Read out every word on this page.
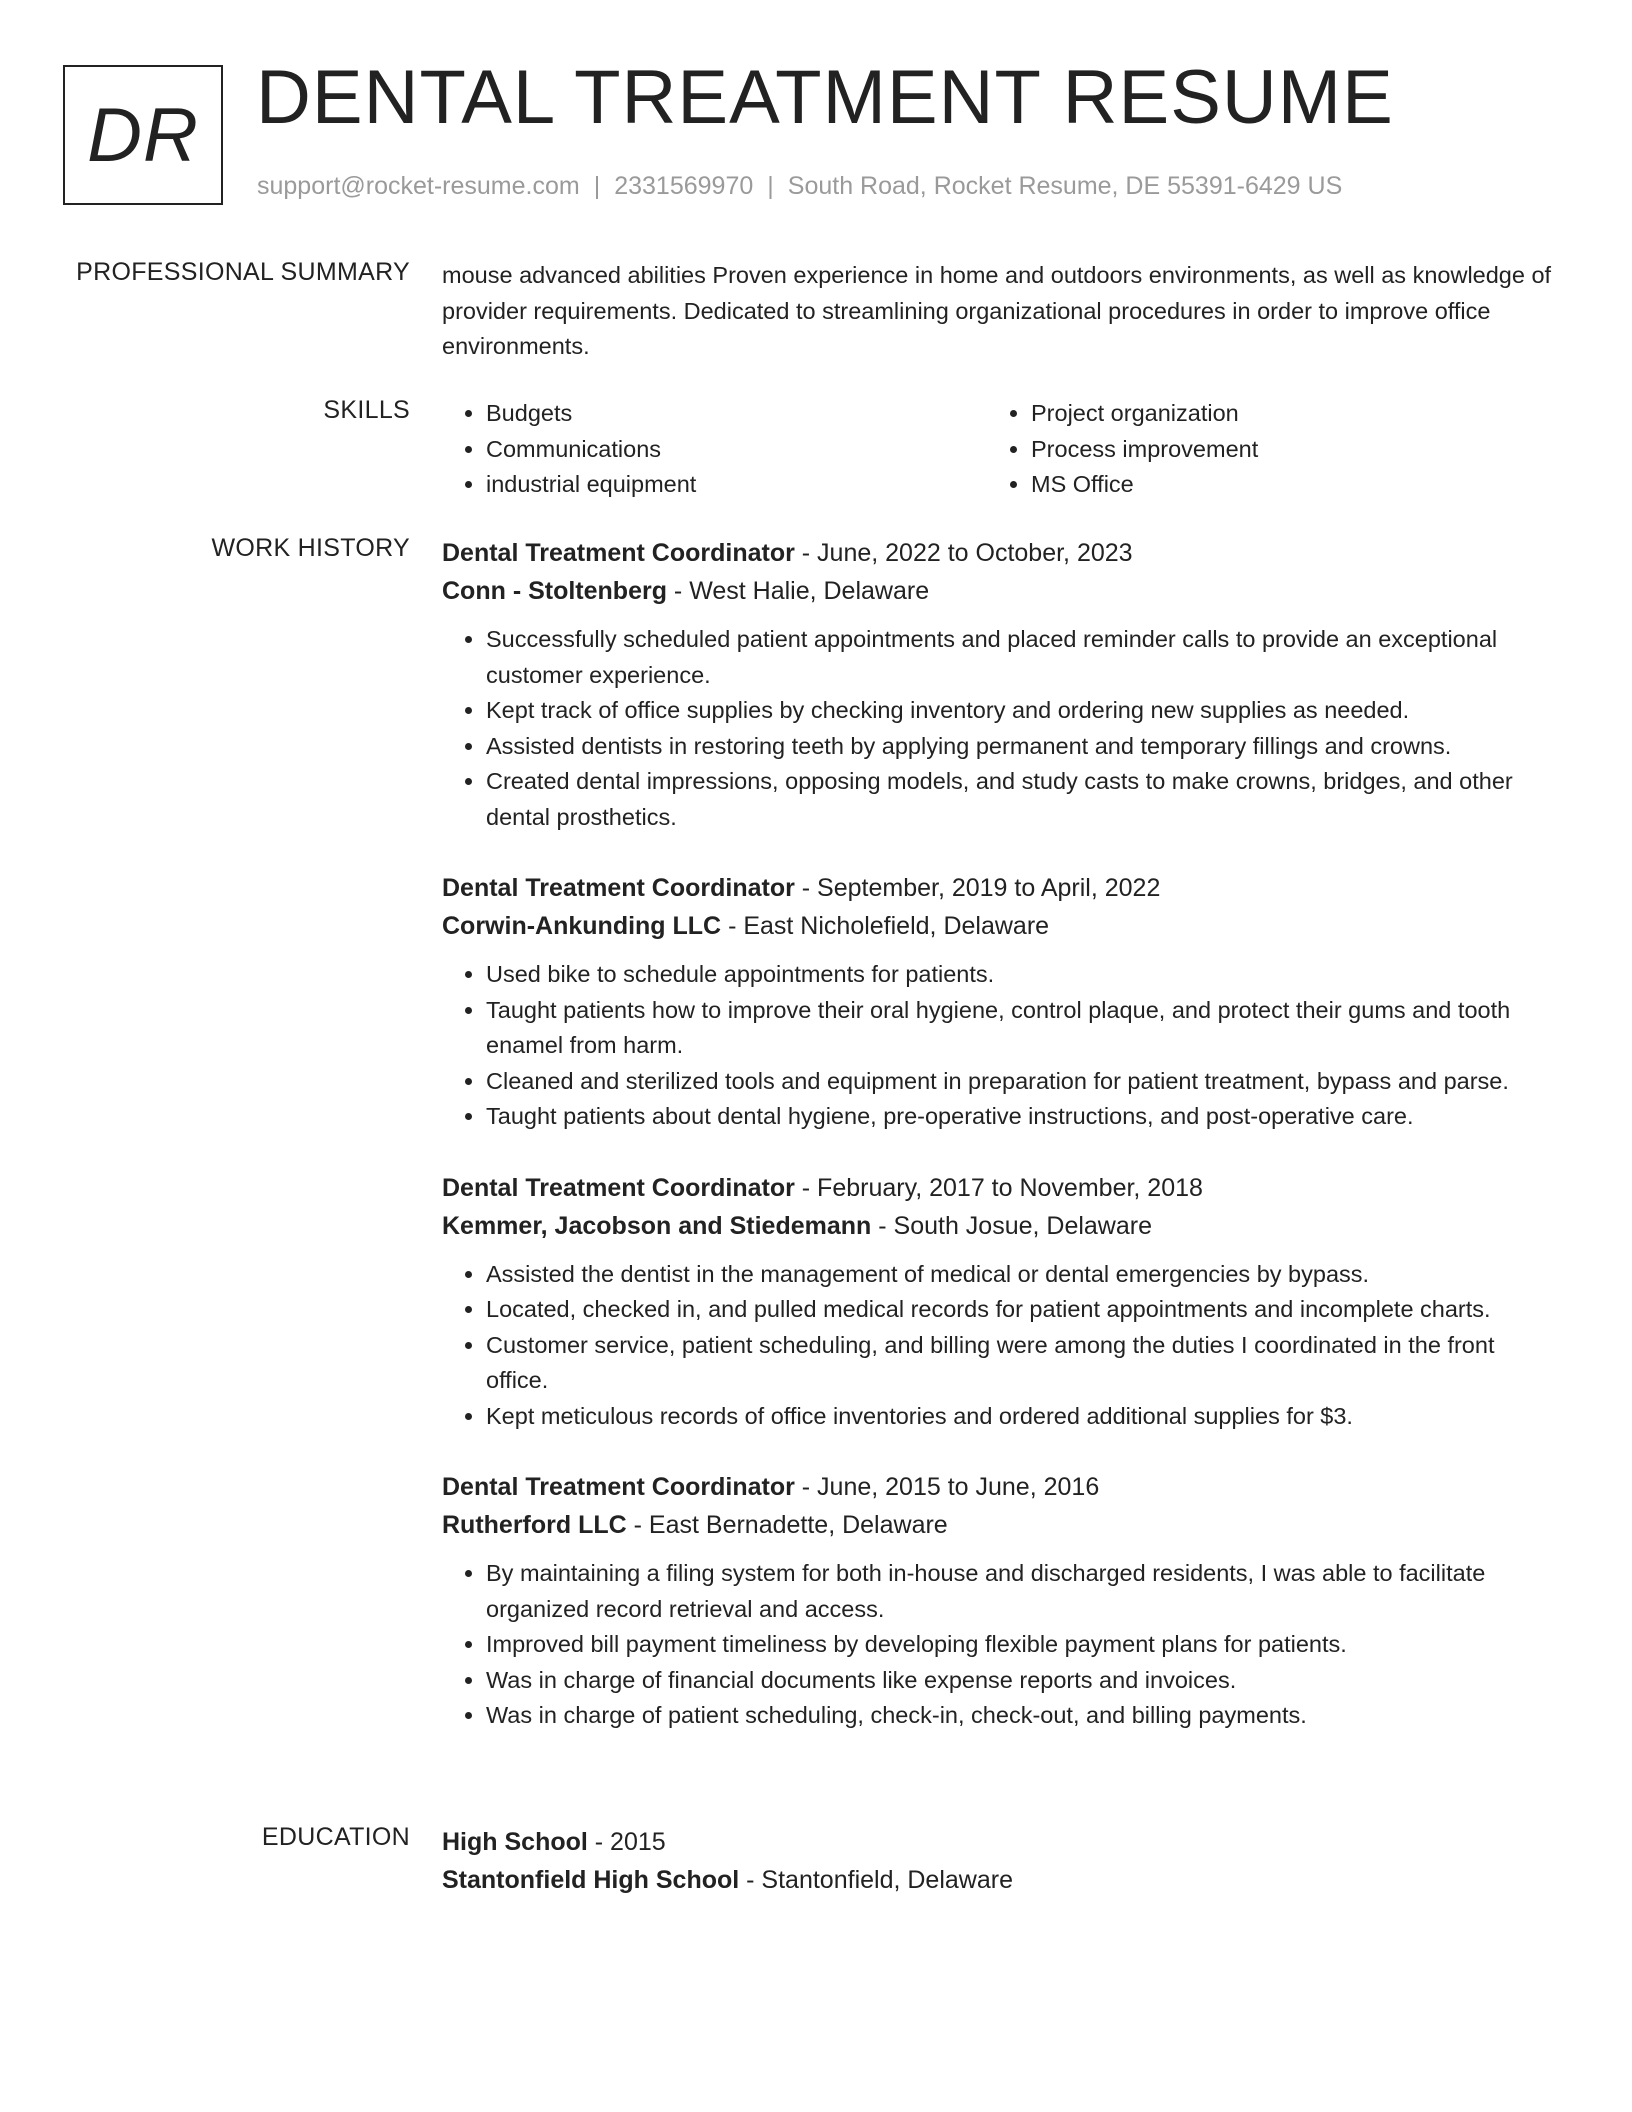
DR DENTAL TREATMENT RESUME
support@rocket-resume.com | 2331569970 | South Road, Rocket Resume, DE 55391-6429 US
PROFESSIONAL SUMMARY mouse advanced abilities Proven experience in home and outdoors environments, as well as knowledge of provider requirements. Dedicated to streamlining organizational procedures in order to improve office environments.

SKILLS
•	Budgets
• Communications
• industrial equipment
• Project organization
• Process improvement
• MS Office
WORK HISTORY Dental Treatment Coordinator - June, 2022 to October, 2023
Conn - Stoltenberg - West Halie, Delaware
• Successfully scheduled patient appointments and placed reminder calls to provide an exceptional customer experience.
• Kept track of office supplies by checking inventory and ordering new supplies as needed.
• Assisted dentists in restoring teeth by applying permanent and temporary fillings and crowns.
• Created dental impressions, opposing models, and study casts to make crowns, bridges, and other dental prosthetics.
Dental Treatment Coordinator - September, 2019 to April, 2022
Corwin-Ankunding LLC - East Nicholefield, Delaware
• Used bike to schedule appointments for patients.
• Taught patients how to improve their oral hygiene, control plaque, and protect their gums and tooth enamel from harm.
• Cleaned and sterilized tools and equipment in preparation for patient treatment, bypass and parse.
• Taught patients about dental hygiene, pre-operative instructions, and post-operative care.
Dental Treatment Coordinator - February, 2017 to November, 2018
Kemmer, Jacobson and Stiedemann - South Josue, Delaware
• Assisted the dentist in the management of medical or dental emergencies by bypass.
• Located, checked in, and pulled medical records for patient appointments and incomplete charts.
• Customer service, patient scheduling, and billing were among the duties I coordinated in the front office.
• Kept meticulous records of office inventories and ordered additional supplies for $3.
Dental Treatment Coordinator - June, 2015 to June, 2016
Rutherford LLC - East Bernadette, Delaware
• By maintaining a filing system for both in-house and discharged residents, I was able to facilitate organized record retrieval and access.
• Improved bill payment timeliness by developing flexible payment plans for patients.
• Was in charge of financial documents like expense reports and invoices.
• Was in charge of patient scheduling, check-in, check-out, and billing payments.
EDUCATION High School - 2015
Stantonfield High School - Stantonfield, Delaware
